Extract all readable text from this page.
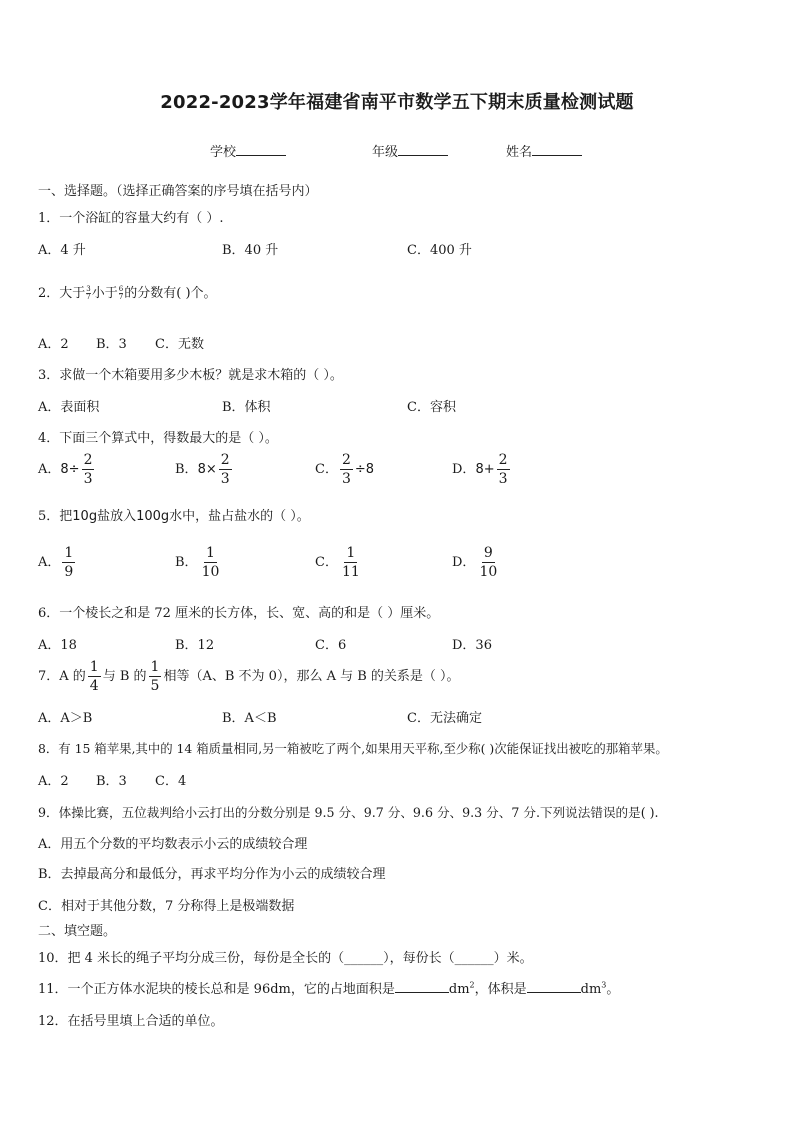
2022-2023学年福建省南平市数学五下期末质量检测试题
学校	年级	姓名
一、选择题。（选择正确答案的序号填在括号内）
1．一个浴缸的容量大约有（ ）.
A．4 升	B．40 升	C．400 升
2．大于 $\frac{3}{7}$ 小于 $\frac{6}{7}$ 的分数有( )个。
A．2 B．3 C．无数
3．求做一个木箱要用多少木板？就是求木箱的（ ）。
A．表面积	B．体积	C．容积
4．下面三个算式中，得数最大的是（ ）。
A．$8\div \frac{2}{3}$	B．$8\times \frac{2}{3}$	C． $\frac{2}{3} \div 8$	D．$8+ \frac{2}{3}$
5．把10g盐放入100g水中，盐占盐水的（ ）。
A． $\frac{1}{9}$	B． $\frac{1}{10}$	C． $\frac{1}{11}$	D． $\frac{9}{10}$
6．一个棱长之和是 72 厘米的长方体，长、宽、高的和是（ ）厘米。
A．18	B．12	C．6	D．36
7．A 的 $\frac{1}{4}$ 与 B 的 $\frac{1}{5}$ 相等（A、B 不为 0），那么 A 与 B 的关系是（ ）。
A．A＞B	B．A＜B	C．无法确定
8．有 15 箱苹果,其中的 14 箱质量相同,另一箱被吃了两个,如果用天平称,至少称( )次能保证找出被吃的那箱苹果。
A．2 B．3 C．4
9．体操比赛，五位裁判给小云打出的分数分别是 9.5 分、9.7 分、9.6 分、9.3 分、7 分.下列说法错误的是( ).
A．用五个分数的平均数表示小云的成绩较合理
B．去掉最高分和最低分，再求平均分作为小云的成绩较合理
C．相对于其他分数，7 分称得上是极端数据
二、填空题。
10．把 4 米长的绳子平均分成三份，每份是全长的（______），每份长（______）米。
11．一个正方体水泥块的棱长总和是 96dm，它的占地面积是	$dm^2$，体积是	$dm^3$。
12．在括号里填上合适的单位。
